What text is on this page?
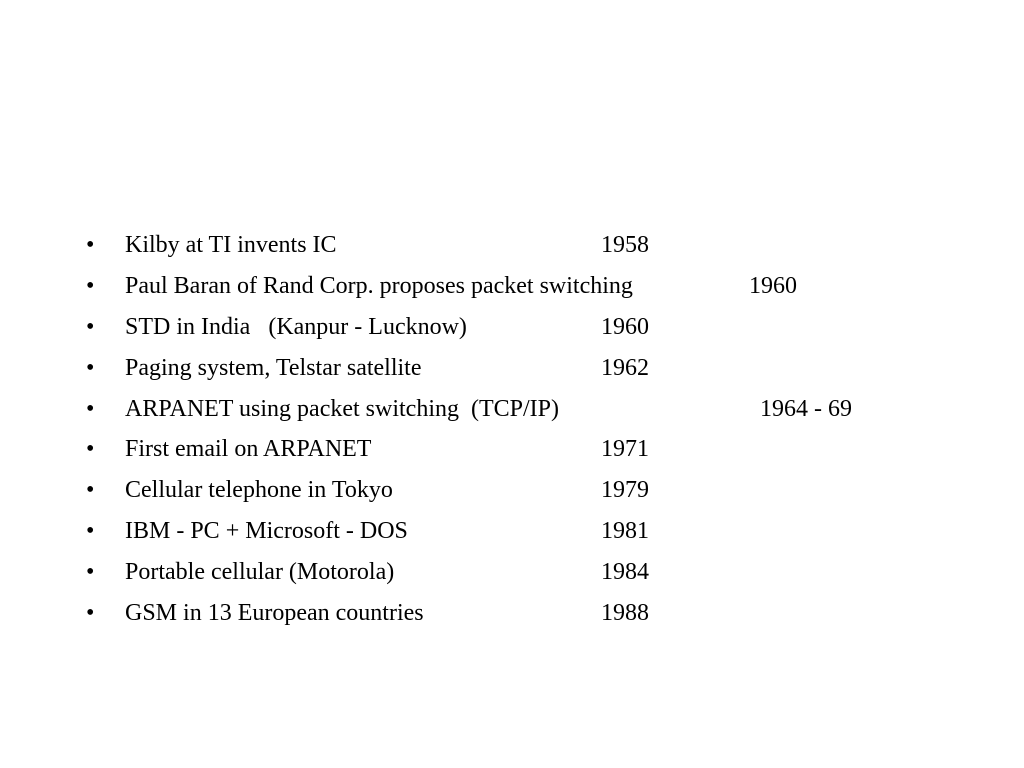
• Kilby at TI invents IC	1958
• Paul Baran of Rand Corp. proposes packet switching	1960
• STD in India   (Kanpur - Lucknow)	1960
• Paging system, Telstar satellite	1962
• ARPANET using packet switching  (TCP/IP)	1964 - 69
• First email on ARPANET	1971
• Cellular telephone in Tokyo	1979
• IBM - PC + Microsoft - DOS	1981
• Portable cellular (Motorola)	1984
• GSM in 13 European countries	1988
